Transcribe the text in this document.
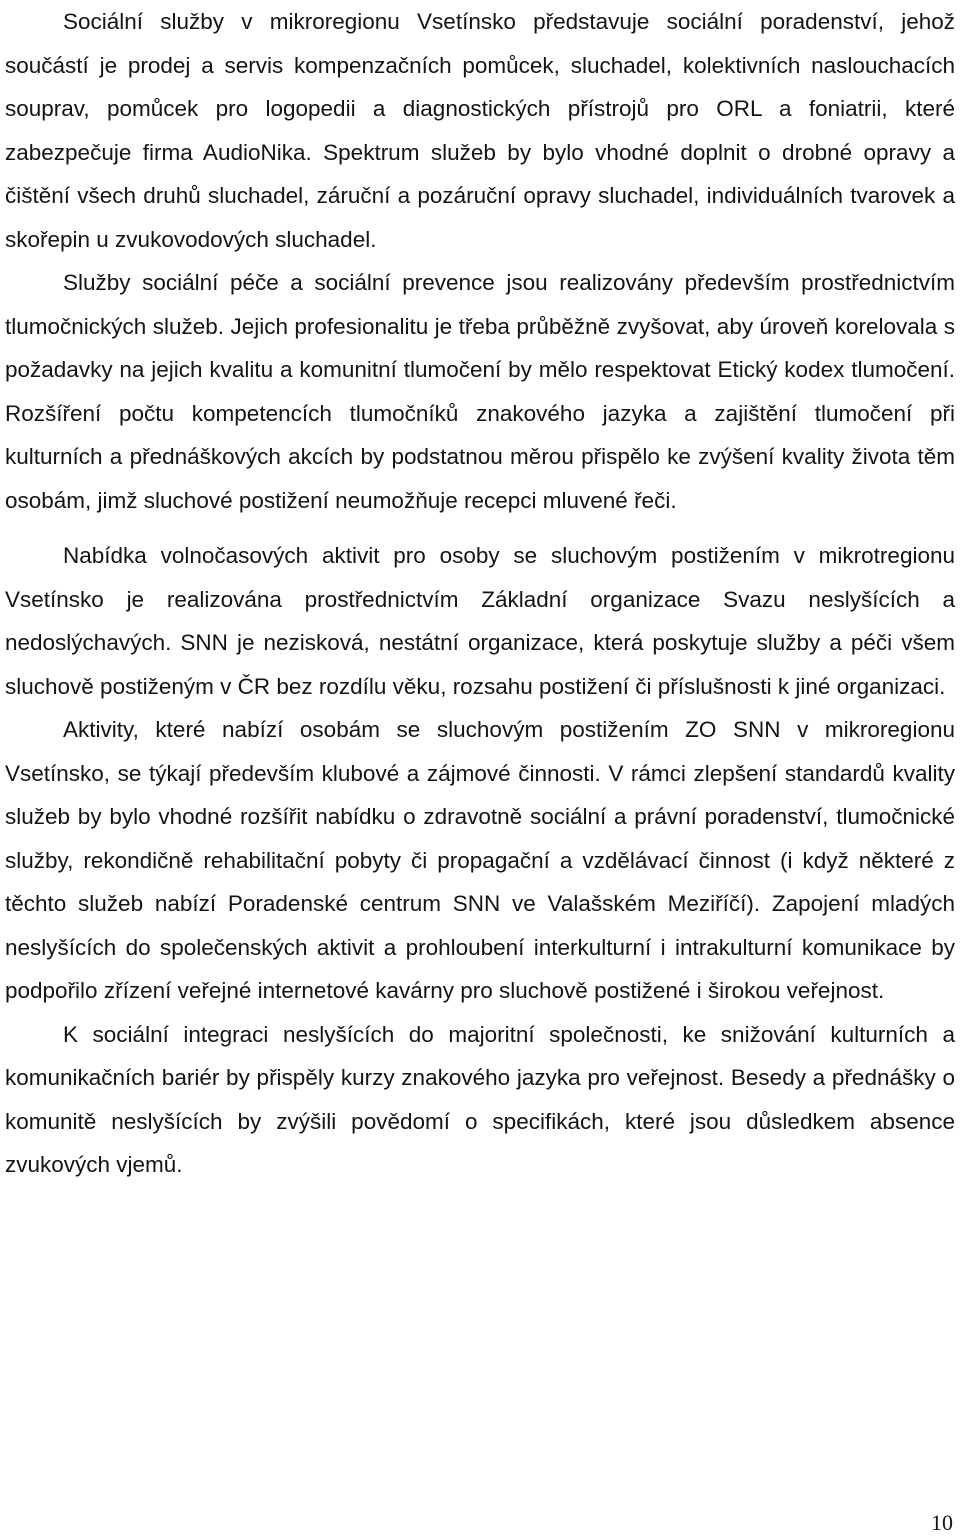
Sociální služby v mikroregionu Vsetínsko představuje sociální poradenství, jehož součástí je prodej a servis kompenzačních pomůcek, sluchadel, kolektivních naslouchacích souprav, pomůcek pro logopedii a diagnostických přístrojů pro ORL a foniatrii, které zabezpečuje firma AudioNika. Spektrum služeb by bylo vhodné doplnit o drobné opravy a čištění všech druhů sluchadel, záruční a pozáruční opravy sluchadel, individuálních tvarovek a skořepin u zvukovodových sluchadel.

Služby sociální péče a sociální prevence jsou realizovány především prostřednictvím tlumočnických služeb. Jejich profesionalitu je třeba průběžně zvyšovat, aby úroveň korelovala s požadavky na jejich kvalitu a komunitní tlumočení by mělo respektovat Etický kodex tlumočení. Rozšíření počtu kompetencích tlumočníků znakového jazyka a zajištění tlumočení při kulturních a přednáškových akcích by podstatnou měrou přispělo ke zvýšení kvality života těm osobám, jimž sluchové postižení neumožňuje recepci mluvené řeči.

Nabídka volnočasových aktivit pro osoby se sluchovým postižením v mikrotregionu Vsetínsko je realizována prostřednictvím Základní organizace Svazu neslyšících a nedoslýchavých. SNN je nezisková, nestátní organizace, která poskytuje služby a péči všem sluchově postiženým v ČR bez rozdílu věku, rozsahu postižení či příslušnosti k jiné organizaci.

Aktivity, které nabízí osobám se sluchovým postižením ZO SNN v mikroregionu Vsetínsko, se týkají především klubové a zájmové činnosti. V rámci zlepšení standardů kvality služeb by bylo vhodné rozšířit nabídku o zdravotně sociální a právní poradenství, tlumočnické služby, rekondičně rehabilitační pobyty či propagační a vzdělávací činnost (i když některé z těchto služeb nabízí Poradenské centrum SNN ve Valašském Meziříčí). Zapojení mladých neslyšících do společenských aktivit a prohloubení interkulturní i intrakulturní komunikace by podpořilo zřízení veřejné internetové kavárny pro sluchově postižené i širokou veřejnost.

K sociální integraci neslyšících do majoritní společnosti, ke snižování kulturních a komunikačních bariér by přispěly kurzy znakového jazyka pro veřejnost. Besedy a přednášky o komunitě neslyšících by zvýšili povědomí o specifikách, které jsou důsledkem absence zvukových vjemů.

10
